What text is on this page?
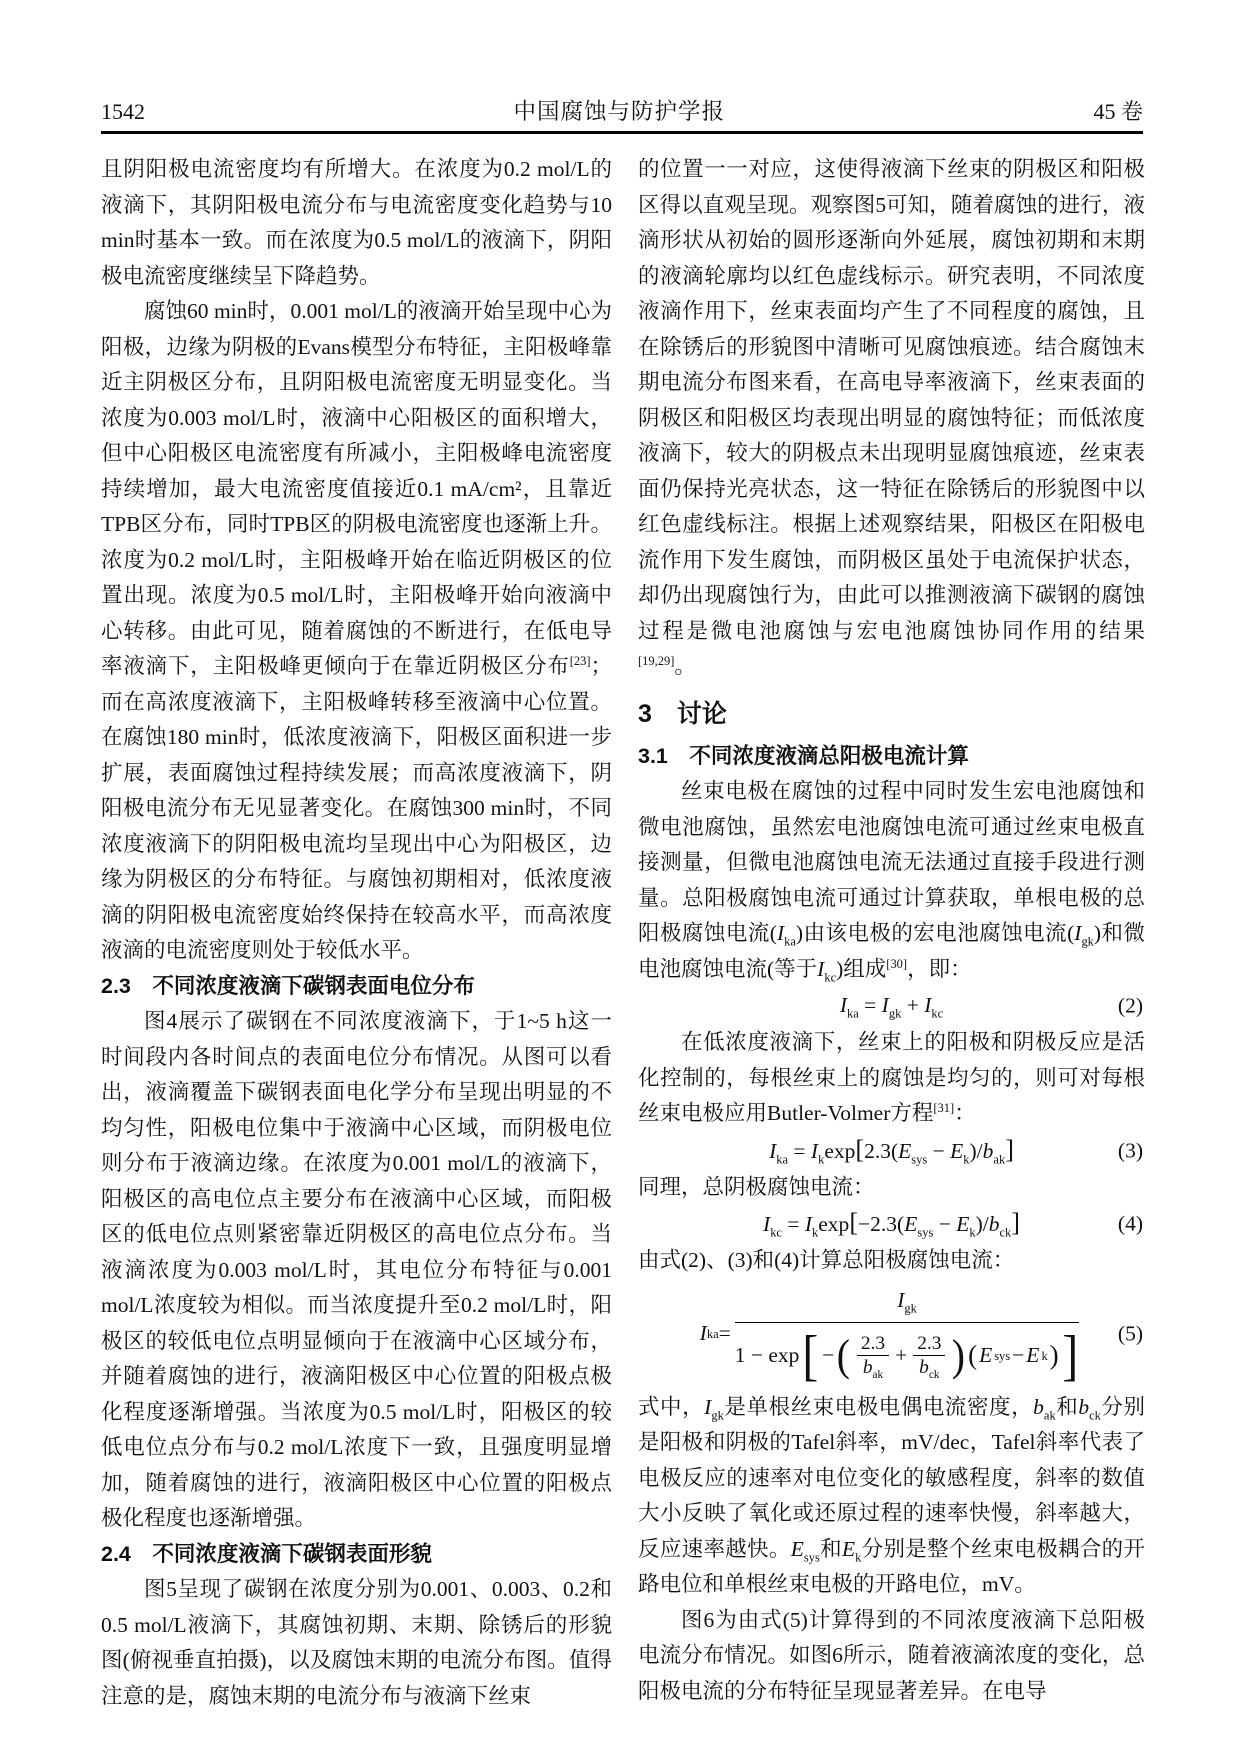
1542	中国腐蚀与防护学报	45 卷

且阴阳极电流密度均有所增大。在浓度为0.2 mol/L的液滴下，其阴阳极电流分布与电流密度变化趋势与10 min时基本一致。而在浓度为0.5 mol/L的液滴下，阴阳极电流密度继续呈下降趋势。

腐蚀60 min时，0.001 mol/L的液滴开始呈现中心为阳极，边缘为阴极的Evans模型分布特征，主阳极峰靠近主阴极区分布，且阴阳极电流密度无明显变化。当浓度为0.003 mol/L时，液滴中心阳极区的面积增大，但中心阳极区电流密度有所减小，主阳极峰电流密度持续增加，最大电流密度值接近0.1 mA/cm²，且靠近TPB区分布，同时TPB区的阴极电流密度也逐渐上升。浓度为0.2 mol/L时，主阳极峰开始在临近阴极区的位置出现。浓度为0.5 mol/L时，主阳极峰开始向液滴中心转移。由此可见，随着腐蚀的不断进行，在低电导率液滴下，主阳极峰更倾向于在靠近阴极区分布[23]；而在高浓度液滴下，主阳极峰转移至液滴中心位置。在腐蚀180 min时，低浓度液滴下，阳极区面积进一步扩展，表面腐蚀过程持续发展；而高浓度液滴下，阴阳极电流分布无见显著变化。在腐蚀300 min时，不同浓度液滴下的阴阳极电流均呈现出中心为阳极区，边缘为阴极区的分布特征。与腐蚀初期相对，低浓度液滴的阴阳极电流密度始终保持在较高水平，而高浓度液滴的电流密度则处于较低水平。

2.3　不同浓度液滴下碳钢表面电位分布

图4展示了碳钢在不同浓度液滴下，于1~5 h这一时间段内各时间点的表面电位分布情况。从图可以看出，液滴覆盖下碳钢表面电化学分布呈现出明显的不均匀性，阳极电位集中于液滴中心区域，而阴极电位则分布于液滴边缘。在浓度为0.001 mol/L的液滴下，阳极区的高电位点主要分布在液滴中心区域，而阳极区的低电位点则紧密靠近阴极区的高电位点分布。当液滴浓度为0.003 mol/L时，其电位分布特征与0.001 mol/L浓度较为相似。而当浓度提升至0.2 mol/L时，阳极区的较低电位点明显倾向于在液滴中心区域分布，并随着腐蚀的进行，液滴阳极区中心位置的阳极点极化程度逐渐增强。当浓度为0.5 mol/L时，阳极区的较低电位点分布与0.2 mol/L浓度下一致，且强度明显增加，随着腐蚀的进行，液滴阳极区中心位置的阳极点极化程度也逐渐增强。

2.4　不同浓度液滴下碳钢表面形貌

图5呈现了碳钢在浓度分别为0.001、0.003、0.2和0.5 mol/L液滴下，其腐蚀初期、末期、除锈后的形貌图(俯视垂直拍摄)，以及腐蚀末期的电流分布图。值得注意的是，腐蚀末期的电流分布与液滴下丝束

的位置一一对应，这使得液滴下丝束的阴极区和阳极区得以直观呈现。观察图5可知，随着腐蚀的进行，液滴形状从初始的圆形逐渐向外延展，腐蚀初期和末期的液滴轮廓均以红色虚线标示。研究表明，不同浓度液滴作用下，丝束表面均产生了不同程度的腐蚀，且在除锈后的形貌图中清晰可见腐蚀痕迹。结合腐蚀末期电流分布图来看，在高电导率液滴下，丝束表面的阴极区和阳极区均表现出明显的腐蚀特征；而低浓度液滴下，较大的阴极点未出现明显腐蚀痕迹，丝束表面仍保持光亮状态，这一特征在除锈后的形貌图中以红色虚线标注。根据上述观察结果，阳极区在阳极电流作用下发生腐蚀，而阴极区虽处于电流保护状态，却仍出现腐蚀行为，由此可以推测液滴下碳钢的腐蚀过程是微电池腐蚀与宏电池腐蚀协同作用的结果[19,29]。

3　讨论

3.1　不同浓度液滴总阳极电流计算

丝束电极在腐蚀的过程中同时发生宏电池腐蚀和微电池腐蚀，虽然宏电池腐蚀电流可通过丝束电极直接测量，但微电池腐蚀电流无法通过直接手段进行测量。总阳极腐蚀电流可通过计算获取，单根电极的总阳极腐蚀电流$(I_{ka})$由该电极的宏电池腐蚀电流$(I_{gk})$和微电池腐蚀电流(等于$I_{kc}$)组成[30]，即：

$I_{ka} = I_{gk} + I_{kc}$	(2)

在低浓度液滴下，丝束上的阳极和阴极反应是活化控制的，每根丝束上的腐蚀是均匀的，则可对每根丝束电极应用Butler-Volmer方程[31]：

$I_{ka} = I_k\exp[2.3(E_{sys} - E_k)/b_{ak}]$	(3)

同理，总阴极腐蚀电流：

$I_{kc} = I_k\exp[-2.3(E_{sys} - E_k)/b_{ck}]$	(4)

由式(2)、(3)和(4)计算总阳极腐蚀电流：

I ka =
$I_{gk}$
1 − exp [ − ( 2.3
$b_{ak}$
+ 2.3
$b_{ck}$ ) ( E sys − E k ) ] (5)

式中，$I_{gk}$是单根丝束电极电偶电流密度，$b_{ak}$和$b_{ck}$分别是阳极和阴极的Tafel斜率，mV/dec，Tafel斜率代表了电极反应的速率对电位变化的敏感程度，斜率的数值大小反映了氧化或还原过程的速率快慢，斜率越大，反应速率越快。$E_{sys}$和$E_k$分别是整个丝束电极耦合的开路电位和单根丝束电极的开路电位，mV。

图6为由式(5)计算得到的不同浓度液滴下总阳极电流分布情况。如图6所示，随着液滴浓度的变化，总阳极电流的分布特征呈现显著差异。在电导
